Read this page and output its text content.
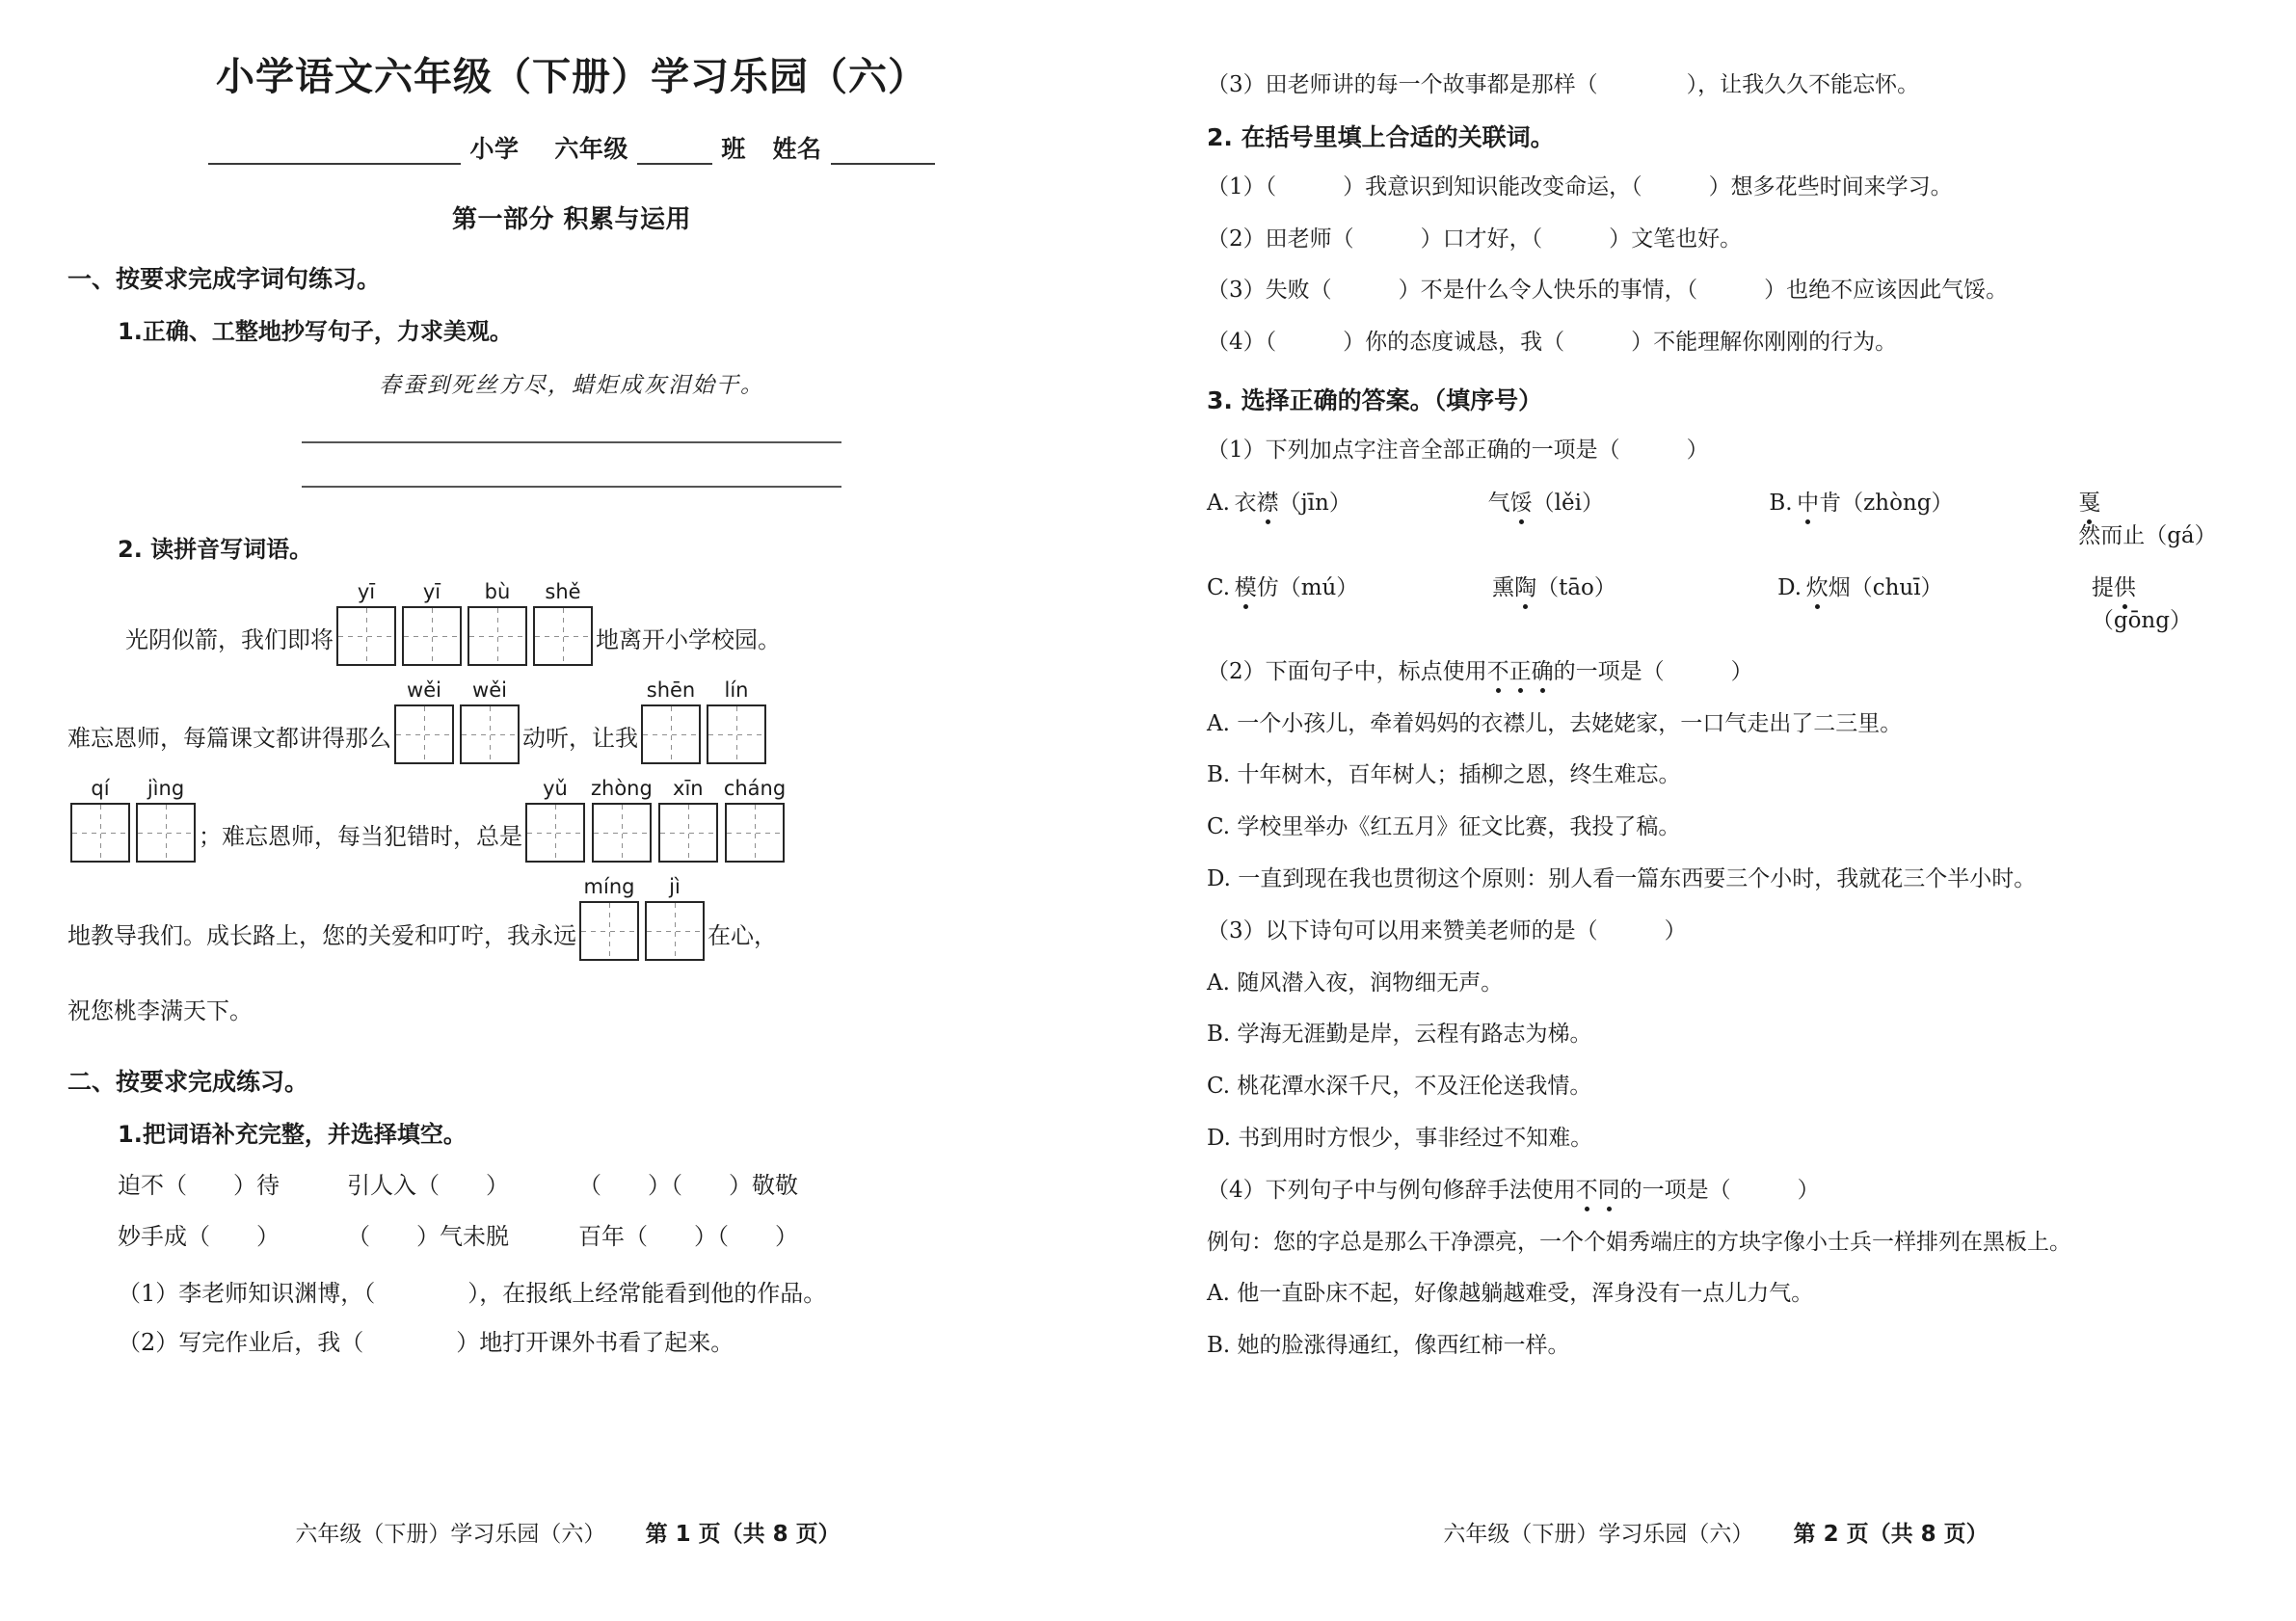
小学语文六年级（下册）学习乐园（六）
小学 六年级	班 姓名
第一部分 积累与运用
一、按要求完成字词句练习。
1.正确、工整地抄写句子，力求美观。
春蚕到死丝方尽，蜡炬成灰泪始干。
2. 读拼音写词语。
光阴似箭，我们即将
yī yī bù shě
地离开小学校园。
难忘恩师，每篇课文都讲得那么
wěi wěi
动听，让我
shēn lín
qí jìng
；难忘恩师，每当犯错时，总是
yǔ zhòng xīn cháng
地教导我们。成长路上，您的关爱和叮咛，我永远
míng jì
在心，
祝您桃李满天下。
二、按要求完成练习。
1.把词语补充完整，并选择填空。
迫不（　　）待	引人入（　　）	（　　）（　　）敬敬
妙手成（　　）	（　　）气未脱	百年（　　）（　　）
（1）李老师知识渊博，（　　　　），在报纸上经常能看到他的作品。
（2）写完作业后，我（　　　　）地打开课外书看了起来。
六年级（下册）学习乐园（六） 第 1 页（共 8 页）
（3）田老师讲的每一个故事都是那样（　　　　），让我久久不能忘怀。
2. 在括号里填上合适的关联词。
（1）（　　　）我意识到知识能改变命运，（　　　）想多花些时间来学习。
（2）田老师（　　　）口才好，（　　　）文笔也好。
（3）失败（　　　）不是什么令人快乐的事情，（　　　）也绝不应该因此气馁。
（4）（　　　）你的态度诚恳，我（　　　）不能理解你刚刚的行为。
3. 选择正确的答案。（填序号）
（1）下列加点字注音全部正确的一项是（　　　）
A. 衣襟（jīn）	气馁（lěi）	B. 中肯（zhòng）	戛然而止（gá）
C. 模仿（mú）	熏陶（tāo）	D. 炊烟（chuī）	提供（gōng）
（2）下面句子中，标点使用不正确的一项是（　　　）
A. 一个小孩儿，牵着妈妈的衣襟儿，去姥姥家，一口气走出了二三里。
B. 十年树木，百年树人；插柳之恩，终生难忘。
C. 学校里举办《红五月》征文比赛，我投了稿。
D. 一直到现在我也贯彻这个原则：别人看一篇东西要三个小时，我就花三个半小时。
（3）以下诗句可以用来赞美老师的是（　　　）
A. 随风潜入夜，润物细无声。
B. 学海无涯勤是岸，云程有路志为梯。
C. 桃花潭水深千尺，不及汪伦送我情。
D. 书到用时方恨少，事非经过不知难。
（4）下列句子中与例句修辞手法使用不同的一项是（　　　）
例句：您的字总是那么干净漂亮，一个个娟秀端庄的方块字像小士兵一样排列在黑板上。
A. 他一直卧床不起，好像越躺越难受，浑身没有一点儿力气。
B. 她的脸涨得通红，像西红柿一样。
六年级（下册）学习乐园（六） 第 2 页（共 8 页）
